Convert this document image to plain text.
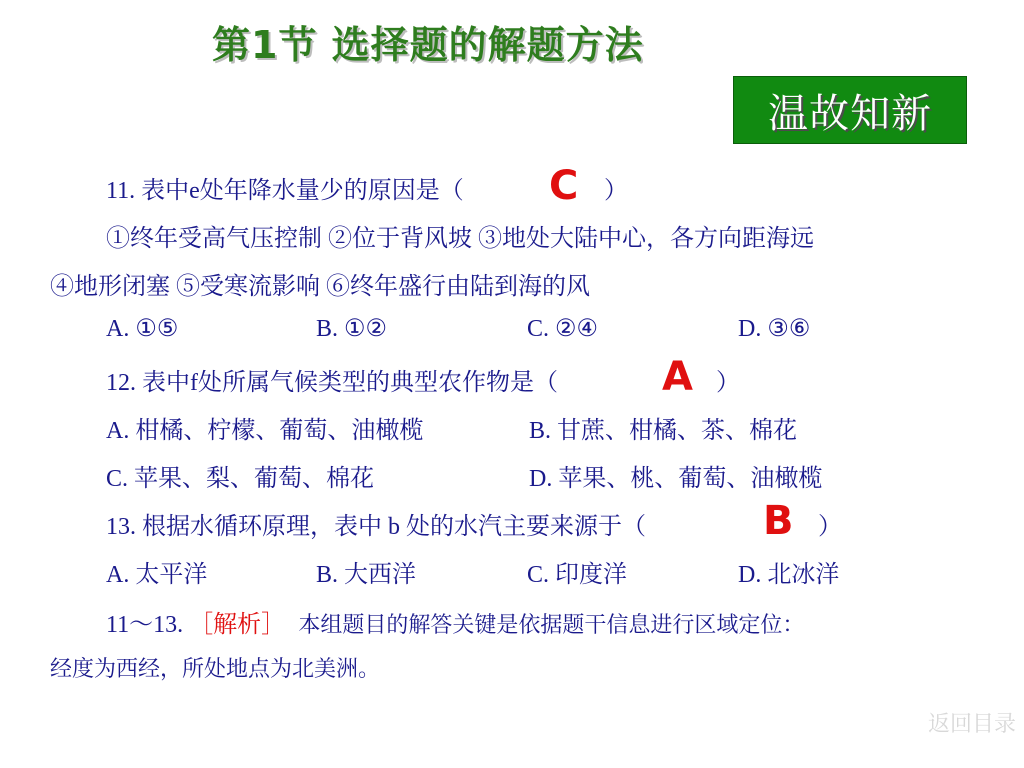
第1节 选择题的解题方法
温故知新
11. 表中e处年降水量少的原因是（ C ）
①终年受高气压控制 ②位于背风坡 ③地处大陆中心，各方向距海远
④地形闭塞 ⑤受寒流影响 ⑥终年盛行由陆到海的风
A. ①⑤	B. ①②	C. ②④	D. ③⑥
12. 表中f处所属气候类型的典型农作物是（	A ）
A. 柑橘、柠檬、葡萄、油橄榄	B. 甘蔗、柑橘、茶、棉花
C. 苹果、梨、葡萄、棉花	D. 苹果、桃、葡萄、油橄榄
13. 根据水循环原理，表中 b 处的水汽主要来源于（	B ）
A. 太平洋	B. 大西洋	C. 印度洋	D. 北冰洋
11～13. ［解析］ 本组题目的解答关键是依据题干信息进行区域定位：
经度为西经，所处地点为北美洲。
返回目录
